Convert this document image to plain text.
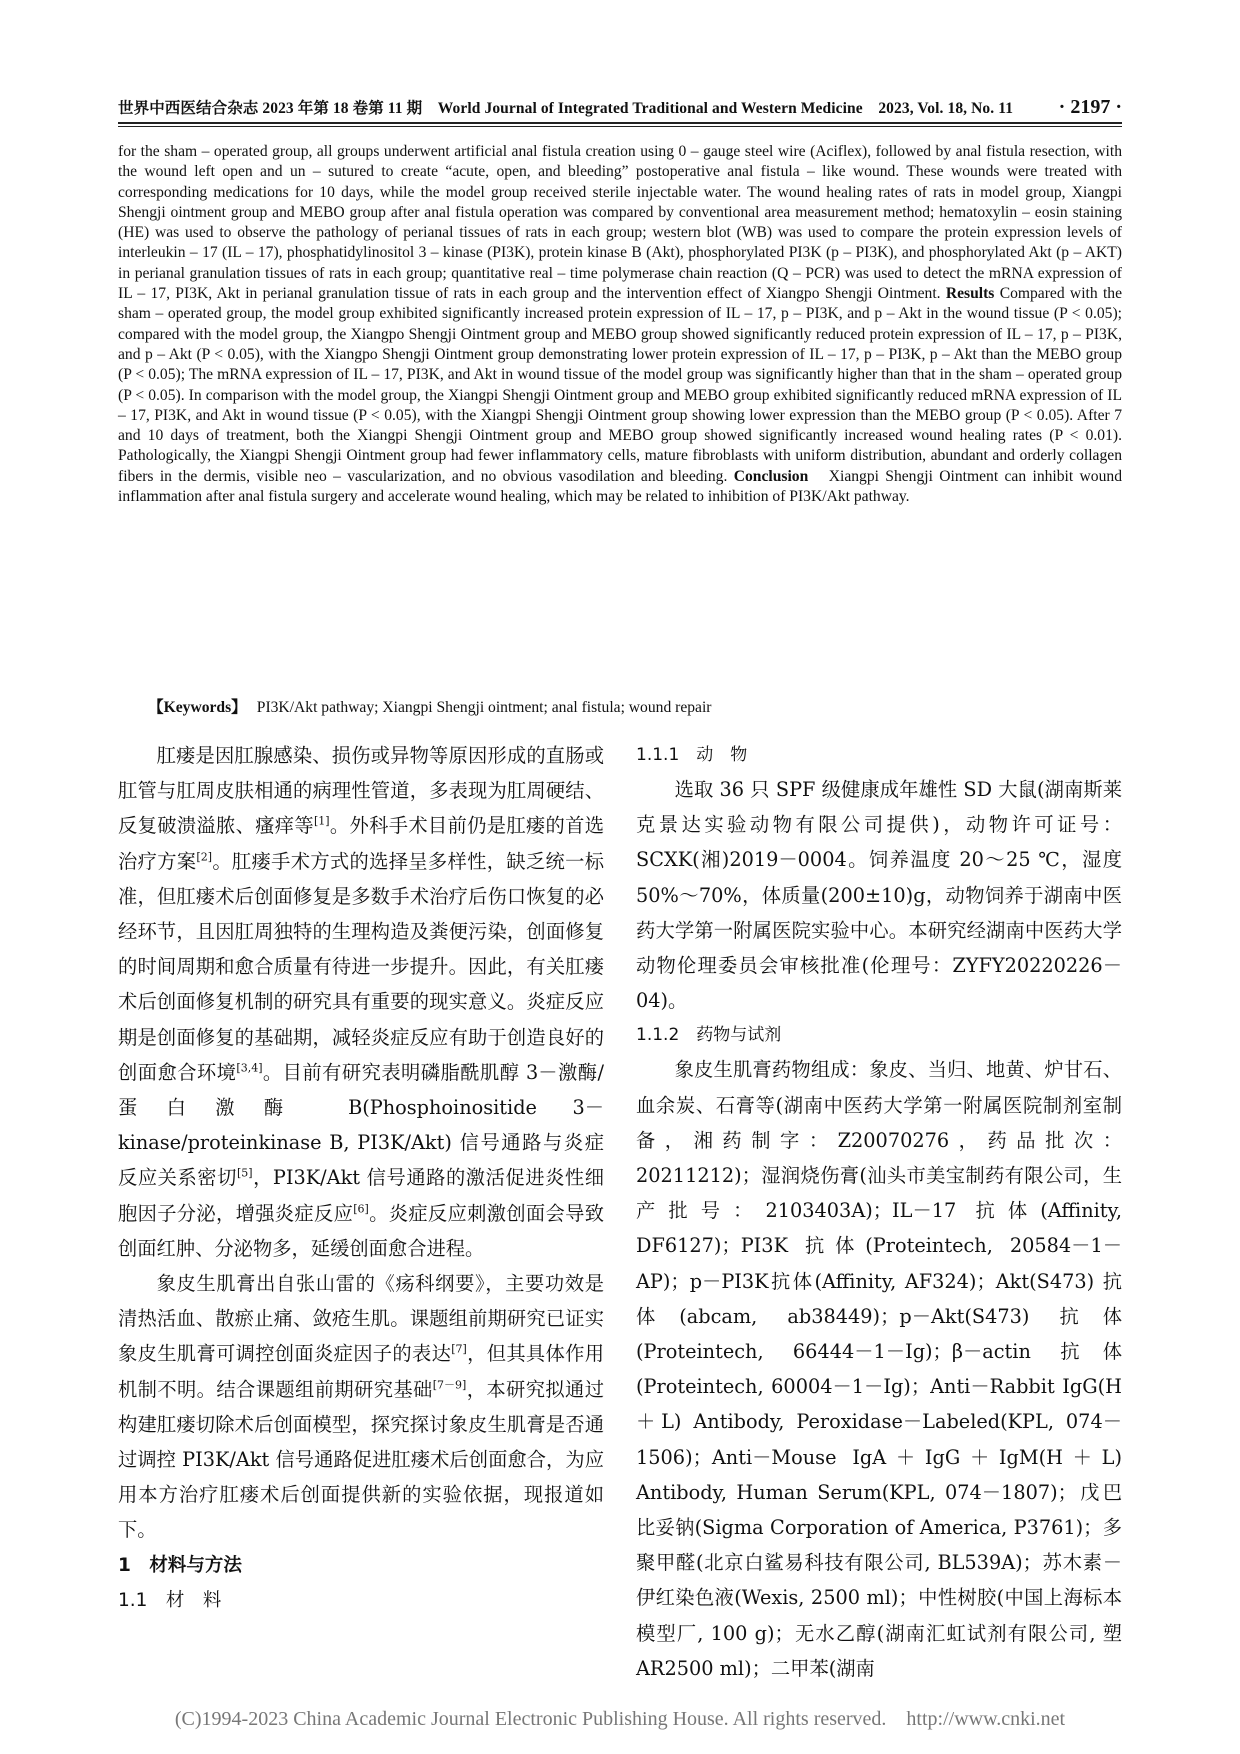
世界中西医结合杂志 2023 年第 18 卷第 11 期　World Journal of Integrated Traditional and Western Medicine　2023, Vol. 18, No. 11 · 2197 ·

for the sham – operated group, all groups underwent artificial anal fistula creation using 0 – gauge steel wire (Aciflex), followed by anal fistula resection, with the wound left open and un – sutured to create “acute, open, and bleeding” postoperative anal fistula – like wound. These wounds were treated with corresponding medications for 10 days, while the model group received sterile injectable water. The wound healing rates of rats in model group, Xiangpi Shengji ointment group and MEBO group after anal fistula operation was compared by conventional area measurement method; hematoxylin – eosin staining (HE) was used to observe the pathology of perianal tissues of rats in each group; western blot (WB) was used to compare the protein expression levels of interleukin – 17 (IL – 17), phosphatidylinositol 3 – kinase (PI3K), protein kinase B (Akt), phosphorylated PI3K (p – PI3K), and phosphorylated Akt (p – AKT) in perianal granulation tissues of rats in each group; quantitative real – time polymerase chain reaction (Q – PCR) was used to detect the mRNA expression of IL – 17, PI3K, Akt in perianal granulation tissue of rats in each group and the intervention effect of Xiangpo Shengji Ointment. Results Compared with the sham – operated group, the model group exhibited significantly increased protein expression of IL – 17, p – PI3K, and p – Akt in the wound tissue (P < 0.05); compared with the model group, the Xiangpo Shengji Ointment group and MEBO group showed significantly reduced protein expression of IL – 17, p – PI3K, and p – Akt (P < 0.05), with the Xiangpo Shengji Ointment group demonstrating lower protein expression of IL – 17, p – PI3K, p – Akt than the MEBO group (P < 0.05); The mRNA expression of IL – 17, PI3K, and Akt in wound tissue of the model group was significantly higher than that in the sham – operated group (P < 0.05). In comparison with the model group, the Xiangpi Shengji Ointment group and MEBO group exhibited significantly reduced mRNA expression of IL – 17, PI3K, and Akt in wound tissue (P < 0.05), with the Xiangpi Shengji Ointment group showing lower expression than the MEBO group (P < 0.05). After 7 and 10 days of treatment, both the Xiangpi Shengji Ointment group and MEBO group showed significantly increased wound healing rates (P < 0.01). Pathologically, the Xiangpi Shengji Ointment group had fewer inflammatory cells, mature fibroblasts with uniform distribution, abundant and orderly collagen fibers in the dermis, visible neo – vascularization, and no obvious vasodilation and bleeding. Conclusion　 Xiangpi Shengji Ointment can inhibit wound inflammation after anal fistula surgery and accelerate wound healing, which may be related to inhibition of PI3K/Akt pathway.

【Keywords】 PI3K/Akt pathway; Xiangpi Shengji ointment; anal fistula; wound repair

肛瘘是因肛腺感染、损伤或异物等原因形成的直肠或肛管与肛周皮肤相通的病理性管道，多表现为肛周硬结、反复破溃溢脓、瘙痒等[1]。外科手术目前仍是肛瘘的首选治疗方案[2]。肛瘘手术方式的选择呈多样性，缺乏统一标准，但肛瘘术后创面修复是多数手术治疗后伤口恢复的必经环节，且因肛周独特的生理构造及粪便污染，创面修复的时间周期和愈合质量有待进一步提升。因此，有关肛瘘术后创面修复机制的研究具有重要的现实意义。炎症反应期是创面修复的基础期，减轻炎症反应有助于创造良好的创面愈合环境[3,4]。目前有研究表明磷脂酰肌醇 3－激酶/蛋白激酶 B(Phosphoinositide 3－kinase/proteinkinase B, PI3K/Akt) 信号通路与炎症反应关系密切[5]，PI3K/Akt 信号通路的激活促进炎性细胞因子分泌，增强炎症反应[6]。炎症反应刺激创面会导致创面红肿、分泌物多，延缓创面愈合进程。

象皮生肌膏出自张山雷的《疡科纲要》，主要功效是清热活血、散瘀止痛、敛疮生肌。课题组前期研究已证实象皮生肌膏可调控创面炎症因子的表达[7]，但其具体作用机制不明。结合课题组前期研究基础[7－9]，本研究拟通过构建肛瘘切除术后创面模型，探究探讨象皮生肌膏是否通过调控 PI3K/Akt 信号通路促进肛瘘术后创面愈合，为应用本方治疗肛瘘术后创面提供新的实验依据，现报道如下。

1　材料与方法
1.1　材　料
1.1.1　动　物

选取 36 只 SPF 级健康成年雄性 SD 大鼠(湖南斯莱克景达实验动物有限公司提供)，动物许可证号：SCXK(湘)2019－0004。饲养温度 20～25 ℃，湿度 50%～70%，体质量(200±10)g，动物饲养于湖南中医药大学第一附属医院实验中心。本研究经湖南中医药大学动物伦理委员会审核批准(伦理号：ZYFY20220226－04)。

1.1.2　药物与试剂

象皮生肌膏药物组成：象皮、当归、地黄、炉甘石、血余炭、石膏等(湖南中医药大学第一附属医院制剂室制备，湘药制字：Z20070276，药品批次：20211212)；湿润烧伤膏(汕头市美宝制药有限公司，生产批号：2103403A)；IL－17 抗体(Affinity, DF6127)；PI3K 抗体(Proteintech, 20584－1－AP)；p－PI3K抗体(Affinity, AF324)；Akt(S473) 抗体(abcam, ab38449)；p－Akt(S473) 抗体(Proteintech, 66444－1－Ig)；β－actin 抗体(Proteintech, 60004－1－Ig)；Anti－Rabbit IgG(H＋L) Antibody, Peroxidase－Labeled(KPL, 074－1506)；Anti－Mouse IgA＋IgG＋IgM(H＋L) Antibody, Human Serum(KPL, 074－1807)；戊巴比妥钠(Sigma Corporation of America, P3761)；多聚甲醛(北京白鲨易科技有限公司, BL539A)；苏木素－伊红染色液(Wexis, 2500 ml)；中性树胶(中国上海标本模型厂, 100 g)；无水乙醇(湖南汇虹试剂有限公司, 塑 AR2500 ml)；二甲苯(湖南

(C)1994-2023 China Academic Journal Electronic Publishing House. All rights reserved.　http://www.cnki.net
